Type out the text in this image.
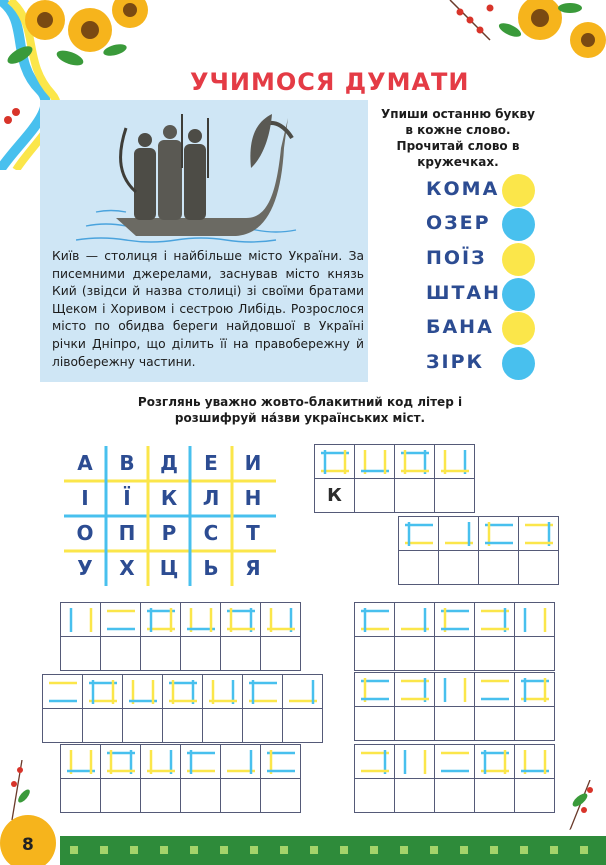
УЧИМОСЯ ДУМАТИ
Київ — столиця і найбільше місто України. За писемними джерелами, заснував місто князь Кий (звідси й назва столиці) зі своїми братами Щеком і Хоривом і сестрою Либідь. Розрослося місто по обидва береги найдовшої в Україні річки Дніпро, що ділить її на правобережну й лівобережну частини.
Упиши останню букву в кожне слово. Прочитай слово в кружечках.
КОМА
ОЗЕР
ПОЇЗ
ШТАН
БАНА
ЗІРК
Розглянь уважно жовто-блакитний код літер і розшифруй на́зви українських міст.
А	В	Д	Е	И
І	Ї	К	Л	Н
О	П	Р	С	Т
У	Х	Ц	Ь	Я

К			

8
